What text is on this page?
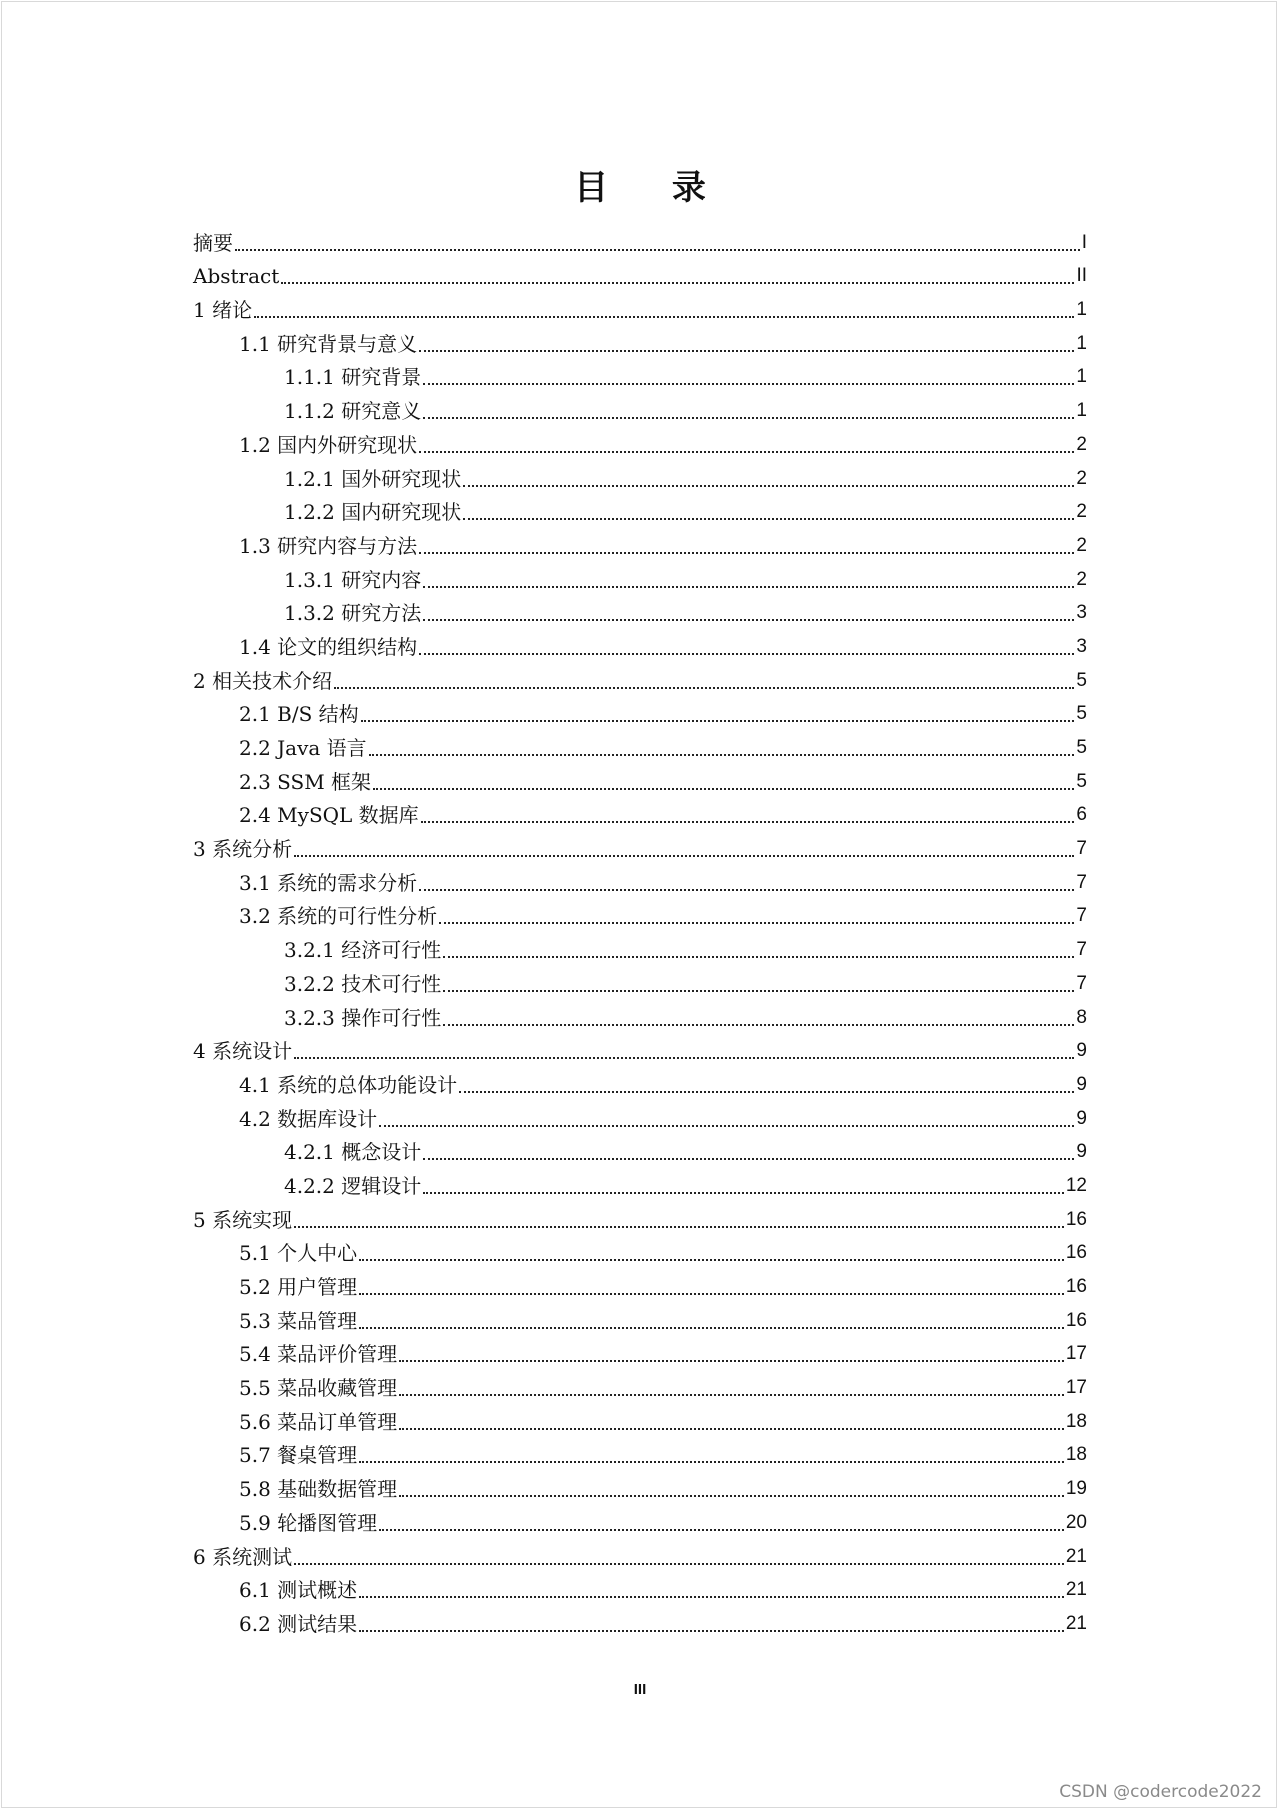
目 录
摘要	I
Abstract	II
1 绪论	1
1.1 研究背景与意义	1
1.1.1 研究背景	1
1.1.2 研究意义	1
1.2 国内外研究现状	2
1.2.1 国外研究现状	2
1.2.2 国内研究现状	2
1.3 研究内容与方法	2
1.3.1 研究内容	2
1.3.2 研究方法	3
1.4 论文的组织结构	3
2 相关技术介绍	5
2.1 B/S 结构	5
2.2 Java 语言	5
2.3 SSM 框架	5
2.4 MySQL 数据库	6
3 系统分析	7
3.1 系统的需求分析	7
3.2 系统的可行性分析	7
3.2.1 经济可行性	7
3.2.2 技术可行性	7
3.2.3 操作可行性	8
4 系统设计	9
4.1 系统的总体功能设计	9
4.2 数据库设计	9
4.2.1 概念设计	9
4.2.2 逻辑设计	12
5 系统实现	16
5.1 个人中心	16
5.2 用户管理	16
5.3 菜品管理	16
5.4 菜品评价管理	17
5.5 菜品收藏管理	17
5.6 菜品订单管理	18
5.7 餐桌管理	18
5.8 基础数据管理	19
5.9 轮播图管理	20
6 系统测试	21
6.1 测试概述	21
6.2 测试结果	21
III
CSDN @codercode2022
